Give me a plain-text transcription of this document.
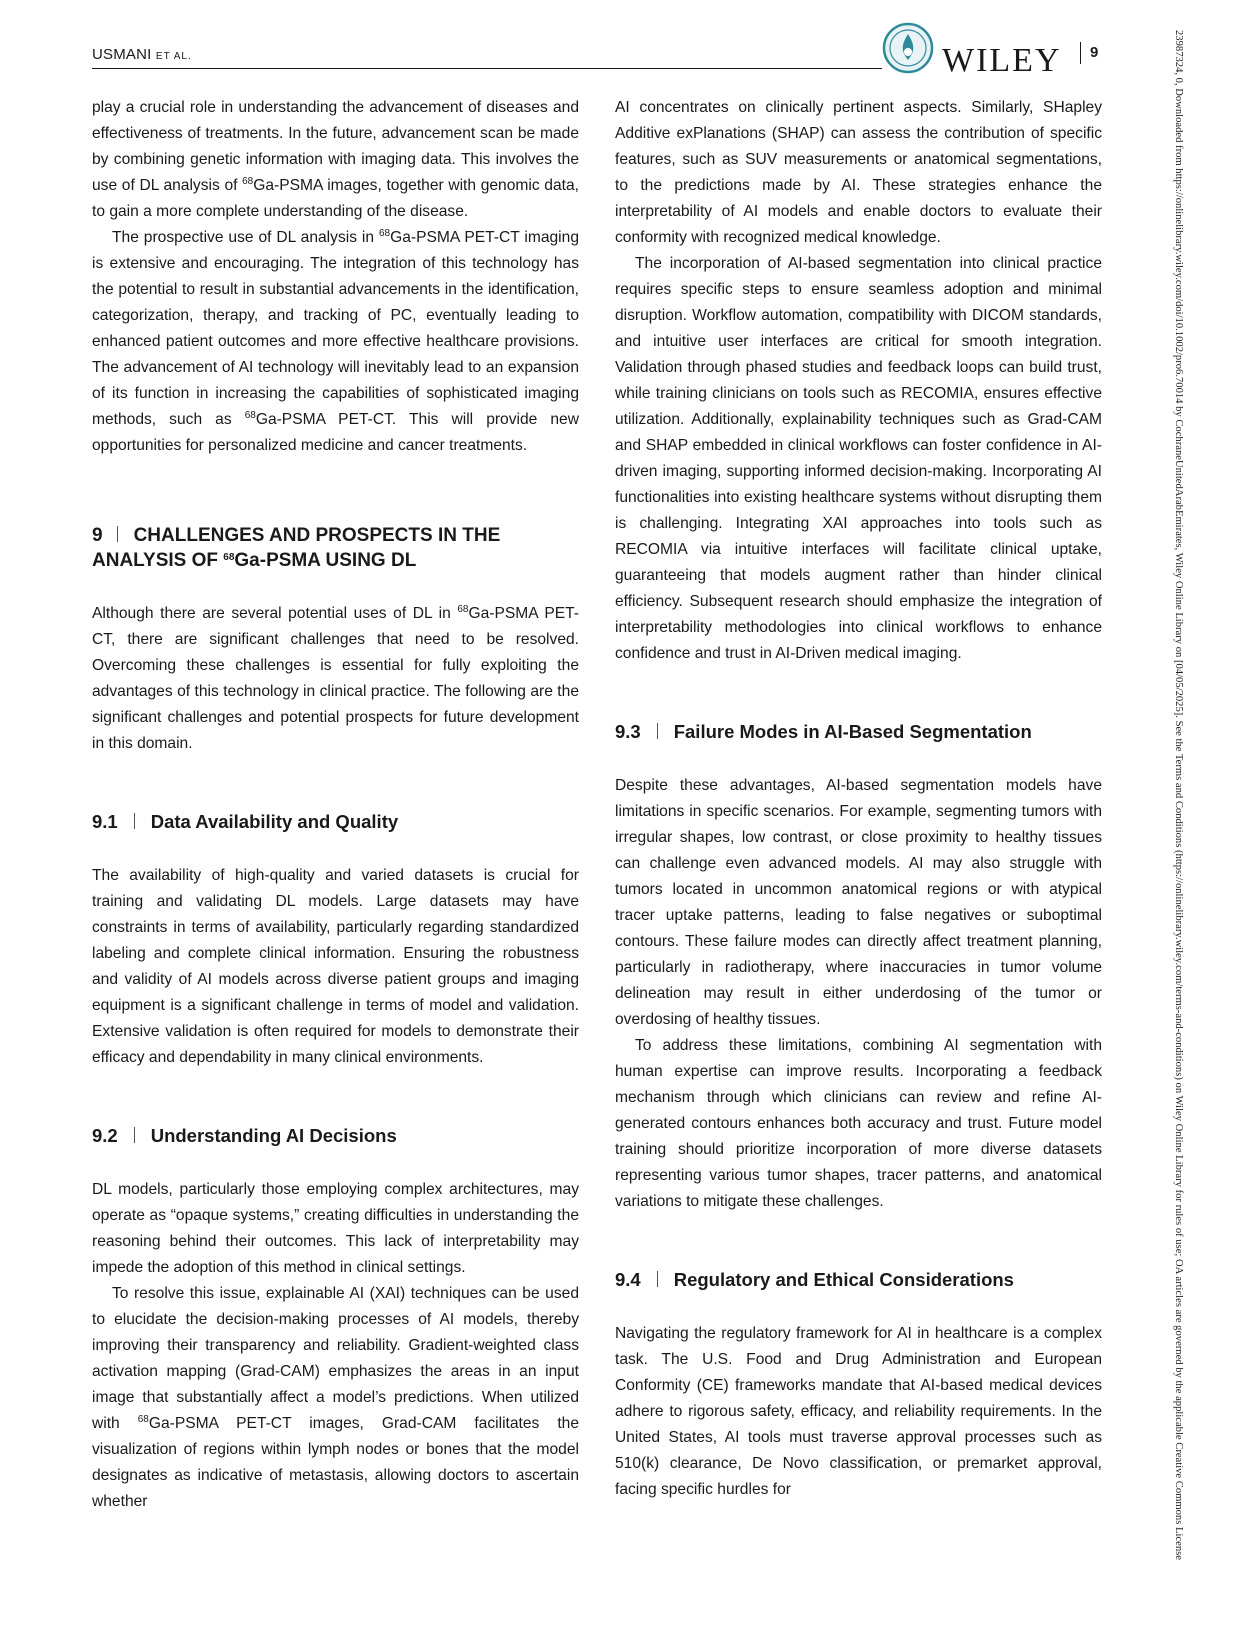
USMANI ET AL.	WILEY 9

play a crucial role in understanding the advancement of diseases and effectiveness of treatments. In the future, advancement scan be made by combining genetic information with imaging data. This involves the use of DL analysis of $^{68}$Ga-PSMA images, together with genomic data, to gain a more complete understanding of the disease.

The prospective use of DL analysis in $^{68}$Ga-PSMA PET-CT imaging is extensive and encouraging. The integration of this technology has the potential to result in substantial advancements in the identification, categorization, therapy, and tracking of PC, eventually leading to enhanced patient outcomes and more effective healthcare provisions. The advancement of AI technology will inevitably lead to an expansion of its function in increasing the capabilities of sophisticated imaging methods, such as $^{68}$Ga-PSMA PET-CT. This will provide new opportunities for personalized medicine and cancer treatments.

9 CHALLENGES AND PROSPECTS IN THE ANALYSIS OF $^{68}$Ga-PSMA USING DL

Although there are several potential uses of DL in $^{68}$Ga-PSMA PET-CT, there are significant challenges that need to be resolved. Overcoming these challenges is essential for fully exploiting the advantages of this technology in clinical practice. The following are the significant challenges and potential prospects for future development in this domain.

9.1 Data Availability and Quality

The availability of high-quality and varied datasets is crucial for training and validating DL models. Large datasets may have constraints in terms of availability, particularly regarding standardized labeling and complete clinical information. Ensuring the robustness and validity of AI models across diverse patient groups and imaging equipment is a significant challenge in terms of model and validation. Extensive validation is often required for models to demonstrate their efficacy and dependability in many clinical environments.

9.2 Understanding AI Decisions

DL models, particularly those employing complex architectures, may operate as “opaque systems,” creating difficulties in understanding the reasoning behind their outcomes. This lack of interpretability may impede the adoption of this method in clinical settings.

To resolve this issue, explainable AI (XAI) techniques can be used to elucidate the decision-making processes of AI models, thereby improving their transparency and reliability. Gradient-weighted class activation mapping (Grad-CAM) emphasizes the areas in an input image that substantially affect a model’s predictions. When utilized with $^{68}$Ga-PSMA PET-CT images, Grad-CAM facilitates the visualization of regions within lymph nodes or bones that the model designates as indicative of metastasis, allowing doctors to ascertain whether

AI concentrates on clinically pertinent aspects. Similarly, SHapley Additive exPlanations (SHAP) can assess the contribution of specific features, such as SUV measurements or anatomical segmentations, to the predictions made by AI. These strategies enhance the interpretability of AI models and enable doctors to evaluate their conformity with recognized medical knowledge.

The incorporation of AI-based segmentation into clinical practice requires specific steps to ensure seamless adoption and minimal disruption. Workflow automation, compatibility with DICOM standards, and intuitive user interfaces are critical for smooth integration. Validation through phased studies and feedback loops can build trust, while training clinicians on tools such as RECOMIA, ensures effective utilization. Additionally, explainability techniques such as Grad-CAM and SHAP embedded in clinical workflows can foster confidence in AI-driven imaging, supporting informed decision-making. Incorporating AI functionalities into existing healthcare systems without disrupting them is challenging. Integrating XAI approaches into tools such as RECOMIA via intuitive interfaces will facilitate clinical uptake, guaranteeing that models augment rather than hinder clinical efficiency. Subsequent research should emphasize the integration of interpretability methodologies into clinical workflows to enhance confidence and trust in AI-Driven medical imaging.

9.3 Failure Modes in AI-Based Segmentation

Despite these advantages, AI-based segmentation models have limitations in specific scenarios. For example, segmenting tumors with irregular shapes, low contrast, or close proximity to healthy tissues can challenge even advanced models. AI may also struggle with tumors located in uncommon anatomical regions or with atypical tracer uptake patterns, leading to false negatives or suboptimal contours. These failure modes can directly affect treatment planning, particularly in radiotherapy, where inaccuracies in tumor volume delineation may result in either underdosing of the tumor or overdosing of healthy tissues.

To address these limitations, combining AI segmentation with human expertise can improve results. Incorporating a feedback mechanism through which clinicians can review and refine AI-generated contours enhances both accuracy and trust. Future model training should prioritize incorporation of more diverse datasets representing various tumor shapes, tracer patterns, and anatomical variations to mitigate these challenges.

9.4 Regulatory and Ethical Considerations

Navigating the regulatory framework for AI in healthcare is a complex task. The U.S. Food and Drug Administration and European Conformity (CE) frameworks mandate that AI-based medical devices adhere to rigorous safety, efficacy, and reliability requirements. In the United States, AI tools must traverse approval processes such as 510(k) clearance, De Novo classification, or premarket approval, facing specific hurdles for	23987324, 0, Downloaded from https://onlinelibrary.wiley.com/doi/10.1002/pro6.70014 by CochraneUnitedArabEmirates, Wiley Online Library on [04/05/2025]. See the Terms and Conditions (https://onlinelibrary.wiley.com/terms-and-conditions) on Wiley Online Library for rules of use; OA articles are governed by the applicable Creative Commons License
